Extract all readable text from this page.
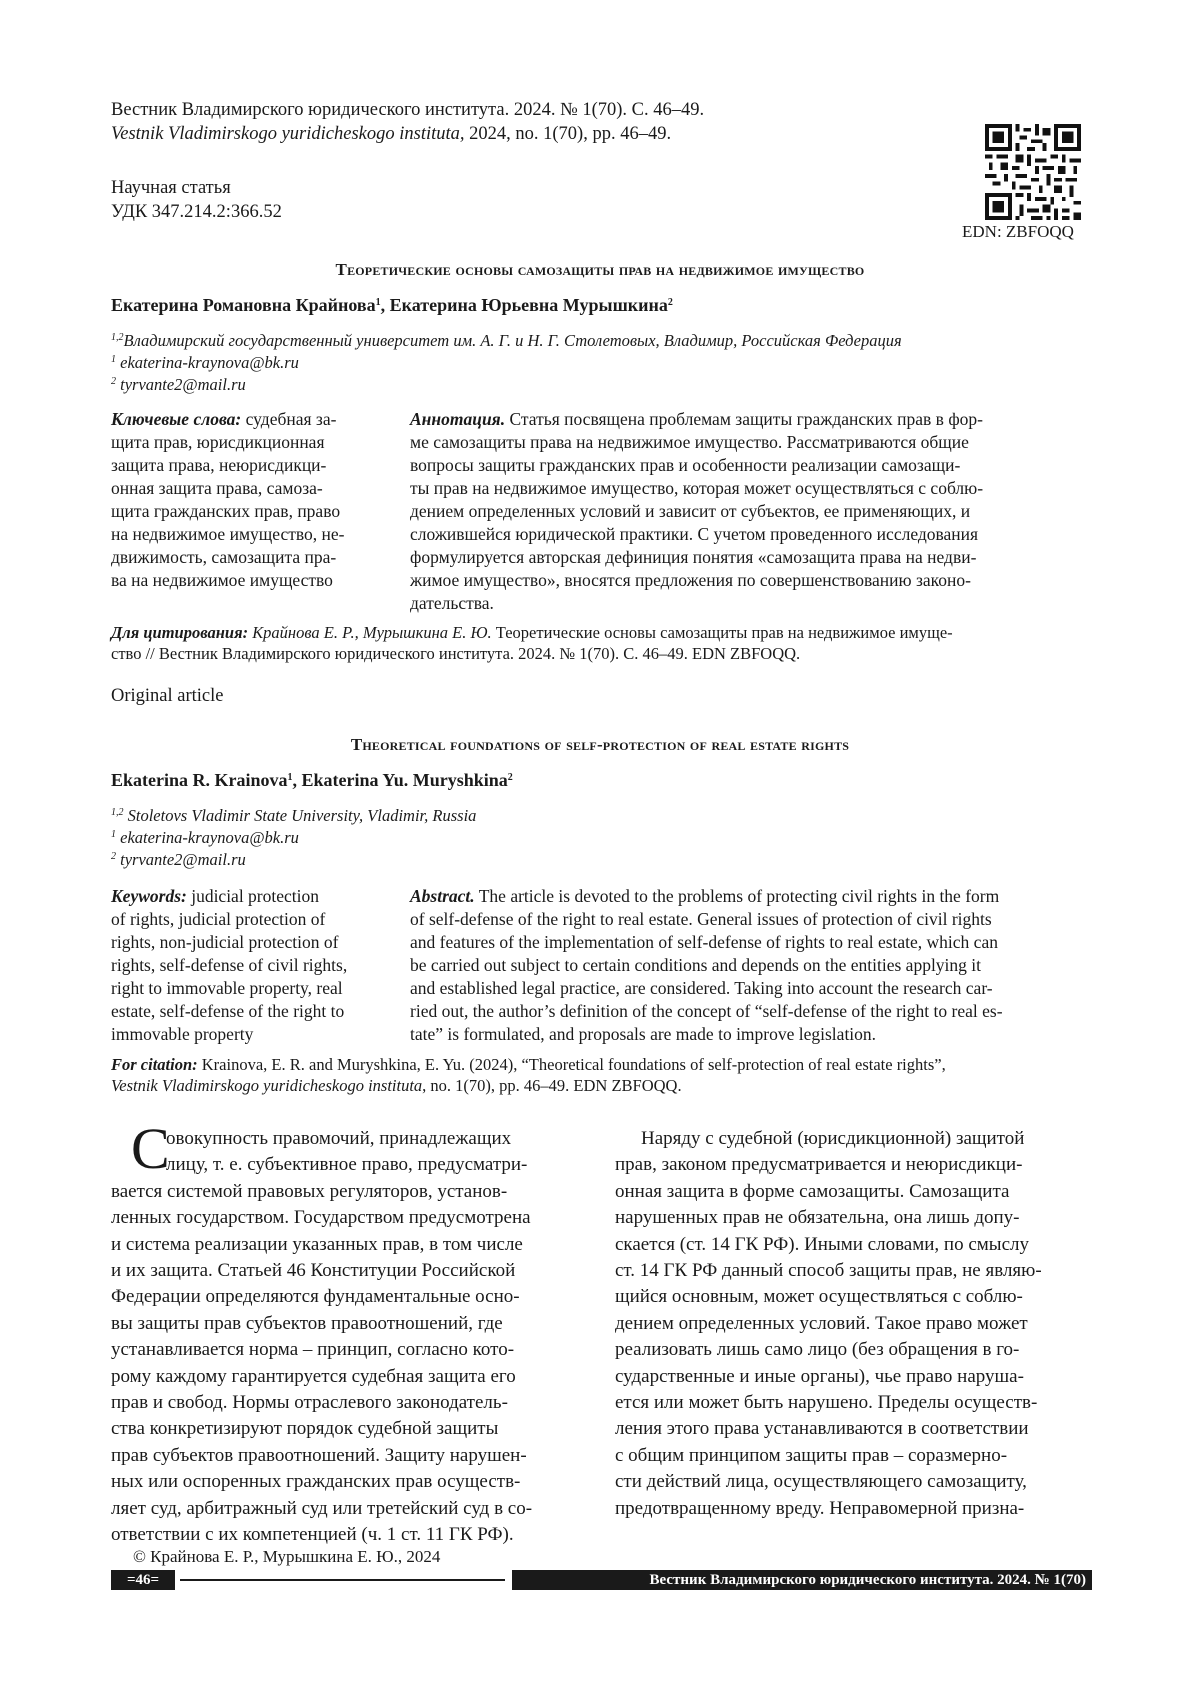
Вестник Владимирского юридического института. 2024. № 1(70). С. 46–49.
Vestnik Vladimirskogo yuridicheskogo instituta, 2024, no. 1(70), pp. 46–49.
Научная статья
УДК 347.214.2:366.52
EDN: ZBFOQQ
Теоретические основы самозащиты прав на недвижимое имущество
Екатерина Романовна Крайнова$^1$, Екатерина Юрьевна Мурышкина$^2$
$^{1,2}$Владимирский государственный университет им. А. Г. и Н. Г. Столетовых, Владимир, Российская Федерация
$^1$ ekaterina-kraynova@bk.ru
$^2$ tyrvante2@mail.ru
Ключевые слова: судебная за-
щита прав, юрисдикционная
защита права, неюрисдикци-
онная защита права, самоза-
щита гражданских прав, право
на недвижимое имущество, не-
движимость, самозащита пра-
ва на недвижимое имущество
Аннотация. Статья посвящена проблемам защиты гражданских прав в фор-
ме самозащиты права на недвижимое имущество. Рассматриваются общие
вопросы защиты гражданских прав и особенности реализации самозащи-
ты прав на недвижимое имущество, которая может осуществляться с соблю-
дением определенных условий и зависит от субъектов, ее применяющих, и
сложившейся юридической практики. С учетом проведенного исследования
формулируется авторская дефиниция понятия «самозащита права на недви-
жимое имущество», вносятся предложения по совершенствованию законо-
дательства.
Для цитирования: Крайнова Е. Р., Мурышкина Е. Ю. Теоретические основы самозащиты прав на недвижимое имуще-
ство // Вестник Владимирского юридического института. 2024. № 1(70). С. 46–49. EDN ZBFOQQ.
Original article
Theoretical foundations of self-protection of real estate rights
Ekaterina R. Krainova$^1$, Ekaterina Yu. Muryshkina$^2$
$^{1,2}$ Stoletovs Vladimir State University, Vladimir, Russia
$^1$ ekaterina-kraynova@bk.ru
$^2$ tyrvante2@mail.ru
Keywords: judicial protection
of rights, judicial protection of
rights, non-judicial protection of
rights, self-defense of civil rights,
right to immovable property, real
estate, self-defense of the right to
immovable property
Abstract. The article is devoted to the problems of protecting civil rights in the form
of self-defense of the right to real estate. General issues of protection of civil rights
and features of the implementation of self-defense of rights to real estate, which can
be carried out subject to certain conditions and depends on the entities applying it
and established legal practice, are considered. Taking into account the research car-
ried out, the author’s definition of the concept of “self-defense of the right to real es-
tate” is formulated, and proposals are made to improve legislation.
For citation: Krainova, E. R. and Muryshkina, E. Yu. (2024), “Theoretical foundations of self-protection of real estate rights”,
Vestnik Vladimirskogo yuridicheskogo instituta, no. 1(70), pp. 46–49. EDN ZBFOQQ.
С
овокупность правомочий, принадлежащих
лицу, т. е. субъективное право, предусматри-
вается системой правовых регуляторов, установ-
ленных государством. Государством предусмотрена
и система реализации указанных прав, в том числе
и их защита. Статьей 46 Конституции Российской
Федерации определяются фундаментальные осно-
вы защиты прав субъектов правоотношений, где
устанавливается норма – принцип, согласно кото-
рому каждому гарантируется судебная защита его
прав и свобод. Нормы отраслевого законодатель-
ства конкретизируют порядок судебной защиты
прав субъектов правоотношений. Защиту нарушен-
ных или оспоренных гражданских прав осуществ-
ляет суд, арбитражный суд или третейский суд в со-
ответствии с их компетенцией (ч. 1 ст. 11 ГК РФ).
Наряду с судебной (юрисдикционной) защитой
прав, законом предусматривается и неюрисдикци-
онная защита в форме самозащиты. Самозащита
нарушенных прав не обязательна, она лишь допу-
скается (ст. 14 ГК РФ). Иными словами, по смыслу
ст. 14 ГК РФ данный способ защиты прав, не являю-
щийся основным, может осуществляться с соблю-
дением определенных условий. Такое право может
реализовать лишь само лицо (без обращения в го-
сударственные и иные органы), чье право наруша-
ется или может быть нарушено. Пределы осуществ-
ления этого права устанавливаются в соответствии
с общим принципом защиты прав – соразмерно-
сти действий лица, осуществляющего самозащиту,
предотвращенному вреду. Неправомерной призна-
© Крайнова Е. Р., Мурышкина Е. Ю., 2024
=46=	Вестник Владимирского юридического института. 2024. № 1(70)
